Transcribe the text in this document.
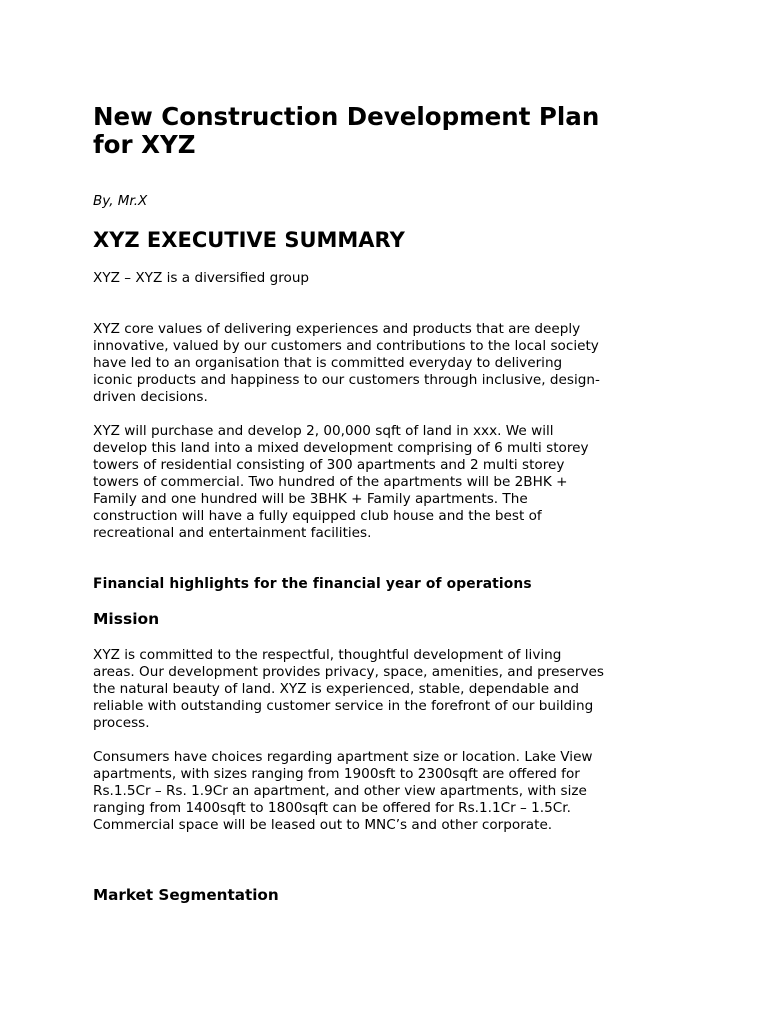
New Construction Development Plan
for XYZ

By, Mr.X

XYZ EXECUTIVE SUMMARY

XYZ – XYZ is a diversified group

XYZ core values of delivering experiences and products that are deeply
innovative, valued by our customers and contributions to the local society
have led to an organisation that is committed everyday to delivering
iconic products and happiness to our customers through inclusive, design-
driven decisions.

XYZ will purchase and develop 2, 00,000 sqft of land in xxx. We will
develop this land into a mixed development comprising of 6 multi storey
towers of residential consisting of 300 apartments and 2 multi storey
towers of commercial. Two hundred of the apartments will be 2BHK +
Family and one hundred will be 3BHK + Family apartments. The
construction will have a fully equipped club house and the best of
recreational and entertainment facilities.

Financial highlights for the financial year of operations
Mission

XYZ is committed to the respectful, thoughtful development of living
areas. Our development provides privacy, space, amenities, and preserves
the natural beauty of land. XYZ is experienced, stable, dependable and
reliable with outstanding customer service in the forefront of our building
process.

Consumers have choices regarding apartment size or location. Lake View
apartments, with sizes ranging from 1900sft to 2300sqft are offered for
Rs.1.5Cr – Rs. 1.9Cr an apartment, and other view apartments, with size
ranging from 1400sqft to 1800sqft can be offered for Rs.1.1Cr – 1.5Cr.
Commercial space will be leased out to MNC’s and other corporate.

Market Segmentation
